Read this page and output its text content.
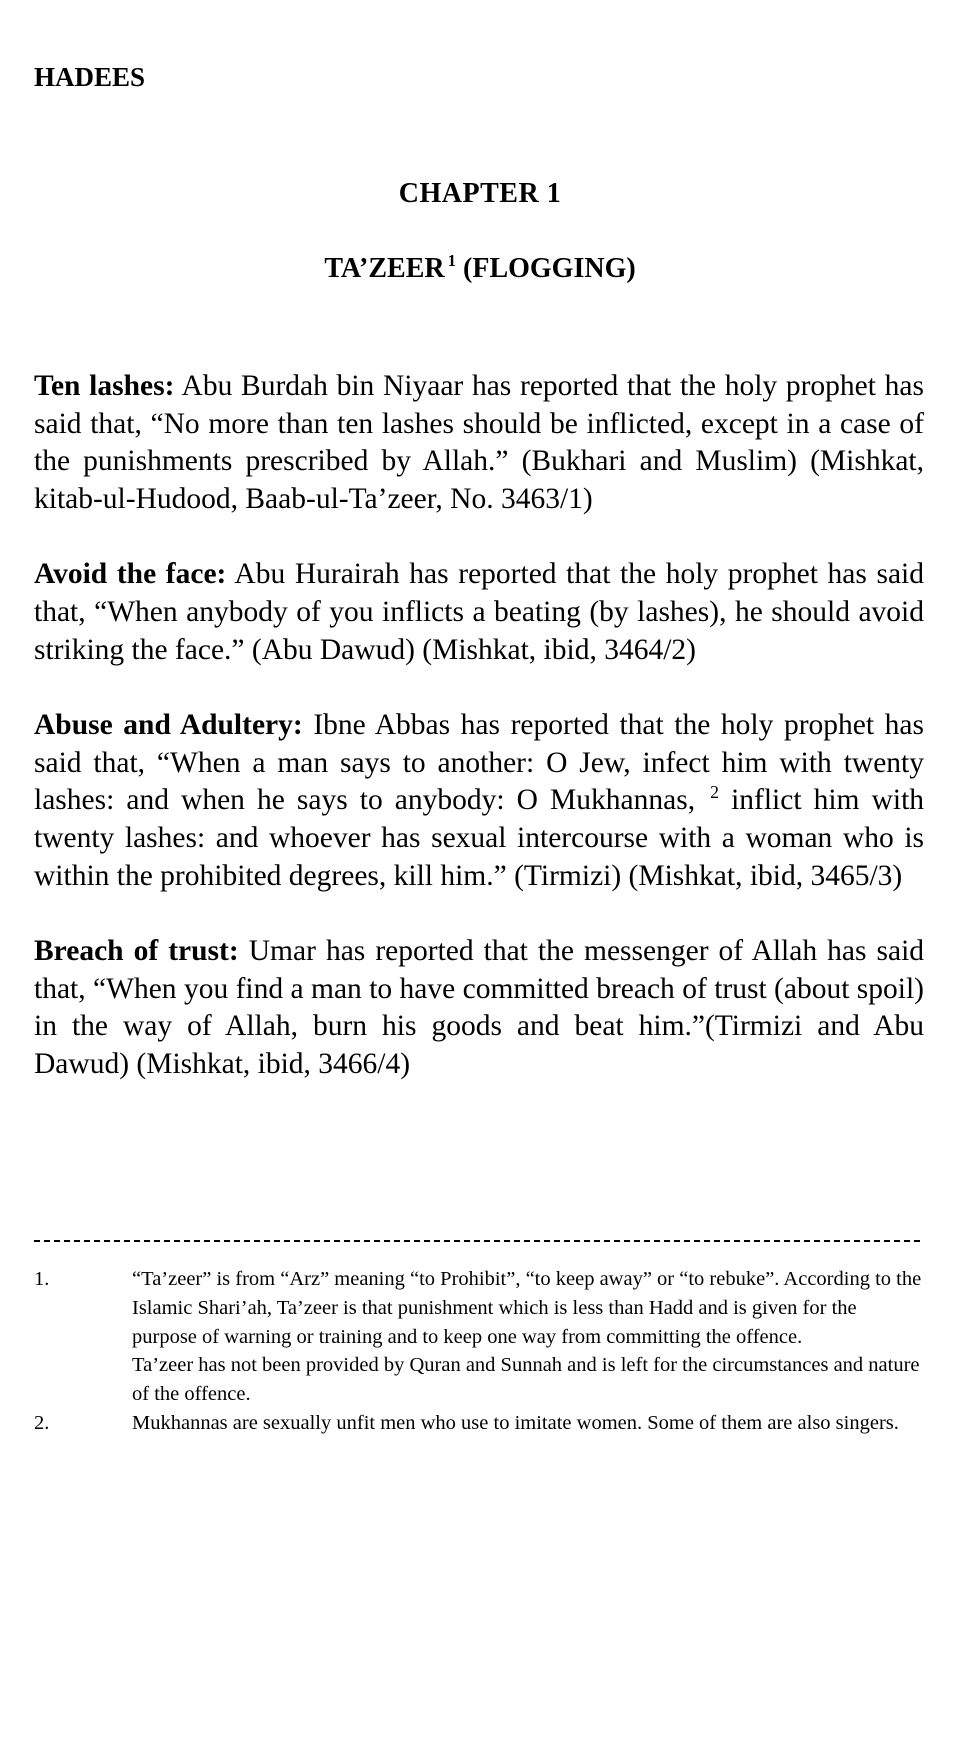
HADEES
CHAPTER 1
TA’ZEER $^1$ (FLOGGING)

Ten lashes: Abu Burdah bin Niyaar has reported that the holy prophet has said that, “No more than ten lashes should be inflicted, except in a case of the punishments prescribed by Allah.” (Bukhari and Muslim) (Mishkat, kitab-ul-Hudood, Baab-ul-Ta’zeer, No. 3463/1)

Avoid the face: Abu Hurairah has reported that the holy prophet has said that, “When anybody of you inflicts a beating (by lashes), he should avoid striking the face.” (Abu Dawud) (Mishkat, ibid, 3464/2)

Abuse and Adultery: Ibne Abbas has reported that the holy prophet has said that, “When a man says to another: O Jew, infect him with twenty lashes: and when he says to anybody: O Mukhannas, $^2$ inflict him with twenty lashes: and whoever has sexual intercourse with a woman who is within the prohibited degrees, kill him.” (Tirmizi) (Mishkat, ibid, 3465/3)

Breach of trust: Umar has reported that the messenger of Allah has said that, “When you find a man to have committed breach of trust (about spoil) in the way of Allah, burn his goods and beat him.”(Tirmizi and Abu Dawud) (Mishkat, ibid, 3466/4)

1.	“Ta’zeer” is from “Arz” meaning “to Prohibit”, “to keep away” or “to rebuke”. According to the Islamic Shari’ah, Ta’zeer is that punishment which is less than Hadd and is given for the purpose of warning or training and to keep one way from committing the offence.
Ta’zeer has not been provided by Quran and Sunnah and is left for the circumstances and nature of the offence.
2.	Mukhannas are sexually unfit men who use to imitate women. Some of them are also singers.
